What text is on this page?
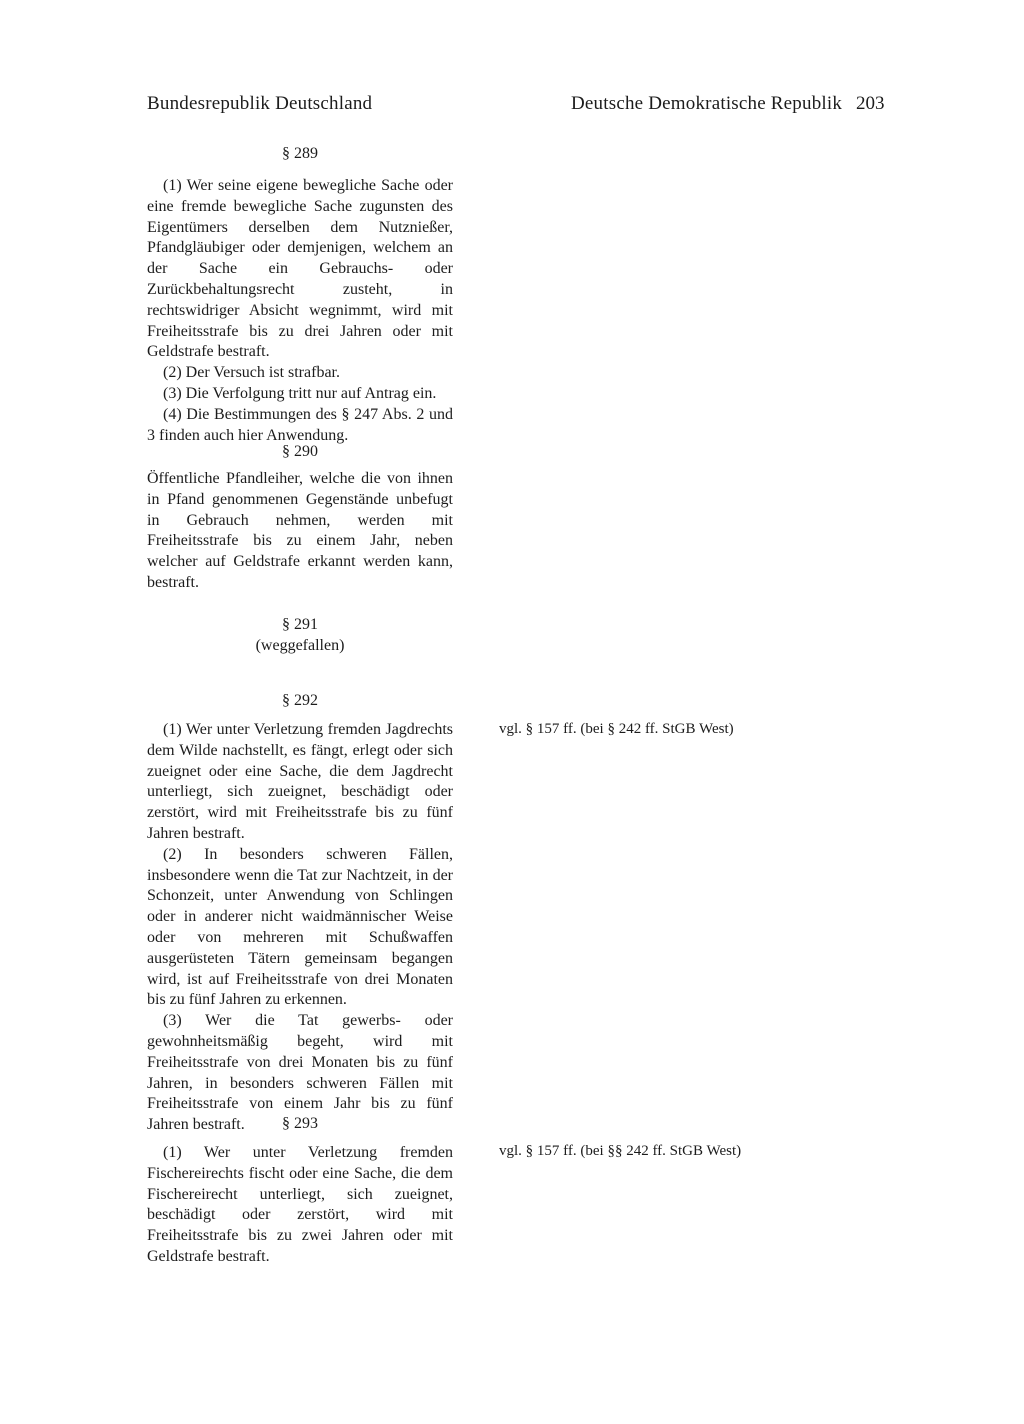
Bundesrepublik Deutschland	Deutsche Demokratische Republik 203
§ 289

(1) Wer seine eigene bewegliche Sache oder eine fremde bewegliche Sache zugunsten des Eigentümers derselben dem Nutznießer, Pfandgläubiger oder demjenigen, welchem an der Sache ein Gebrauchs- oder Zurückbehaltungsrecht zusteht, in rechtswidriger Absicht wegnimmt, wird mit Freiheitsstrafe bis zu drei Jahren oder mit Geldstrafe bestraft.

(2) Der Versuch ist strafbar.

(3) Die Verfolgung tritt nur auf Antrag ein.

(4) Die Bestimmungen des § 247 Abs. 2 und 3 finden auch hier Anwendung.

§ 290

Öffentliche Pfandleiher, welche die von ihnen in Pfand genommenen Gegenstände unbefugt in Gebrauch nehmen, werden mit Freiheitsstrafe bis zu einem Jahr, neben welcher auf Geldstrafe erkannt werden kann, bestraft.

§ 291
(weggefallen)
§ 292

(1) Wer unter Verletzung fremden Jagdrechts dem Wilde nachstellt, es fängt, erlegt oder sich zueignet oder eine Sache, die dem Jagdrecht unterliegt, sich zueignet, beschädigt oder zerstört, wird mit Freiheitsstrafe bis zu fünf Jahren bestraft.

(2) In besonders schweren Fällen, insbesondere wenn die Tat zur Nachtzeit, in der Schonzeit, unter Anwendung von Schlingen oder in anderer nicht waidmännischer Weise oder von mehreren mit Schußwaffen ausgerüsteten Tätern gemeinsam begangen wird, ist auf Freiheitsstrafe von drei Monaten bis zu fünf Jahren zu erkennen.

(3) Wer die Tat gewerbs- oder gewohnheitsmäßig begeht, wird mit Freiheitsstrafe von drei Monaten bis zu fünf Jahren, in besonders schweren Fällen mit Freiheitsstrafe von einem Jahr bis zu fünf Jahren bestraft.

vgl. § 157 ff. (bei § 242 ff. StGB West)
§ 293

(1) Wer unter Verletzung fremden Fischereirechts fischt oder eine Sache, die dem Fischereirecht unterliegt, sich zueignet, beschädigt oder zerstört, wird mit Freiheitsstrafe bis zu zwei Jahren oder mit Geldstrafe bestraft.

vgl. § 157 ff. (bei §§ 242 ff. StGB West)
